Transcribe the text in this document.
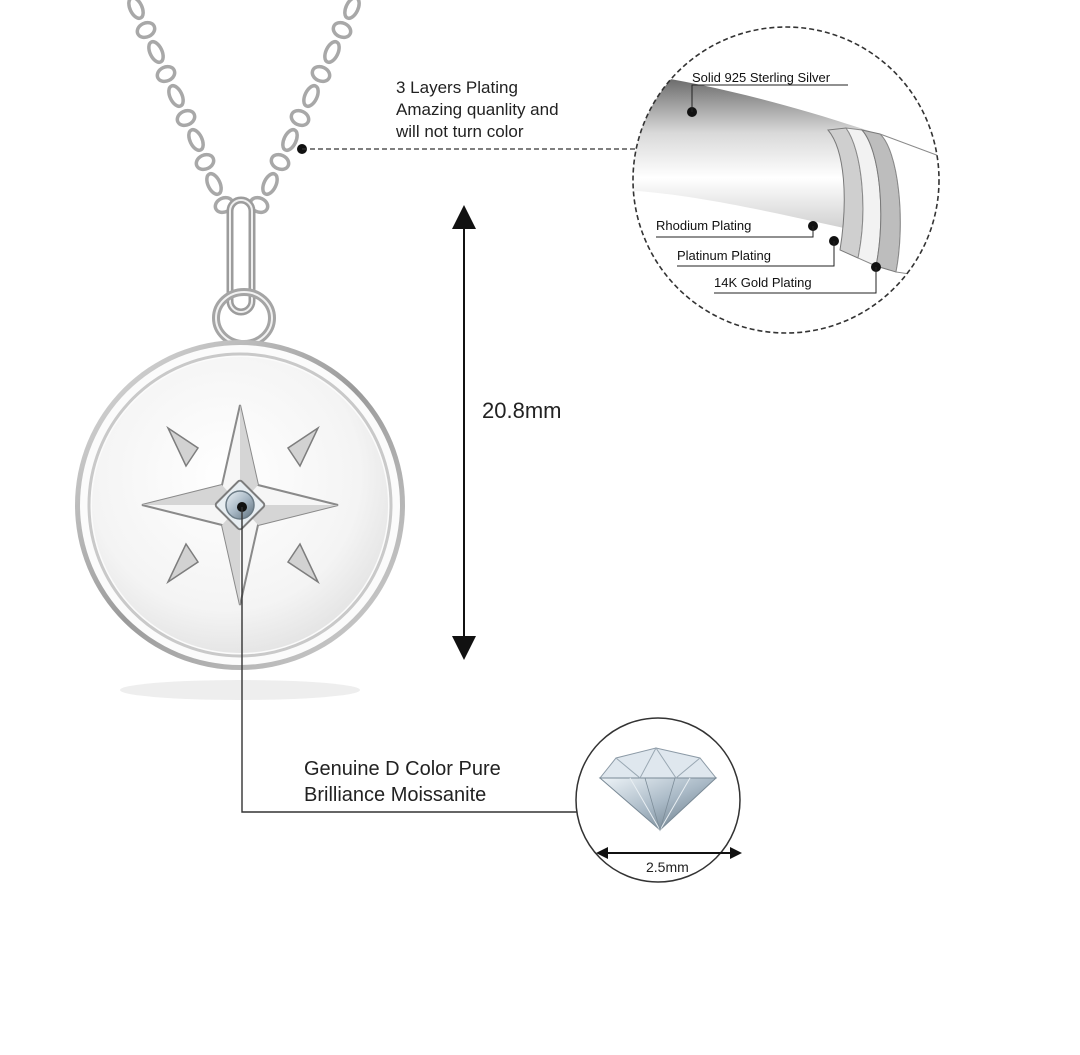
3 Layers Plating
Amazing quanlity and
will not turn color
Solid 925 Sterling Silver
Rhodium Plating
Platinum Plating
14K Gold Plating
20.8mm
Genuine D Color Pure
Brilliance Moissanite
2.5mm
